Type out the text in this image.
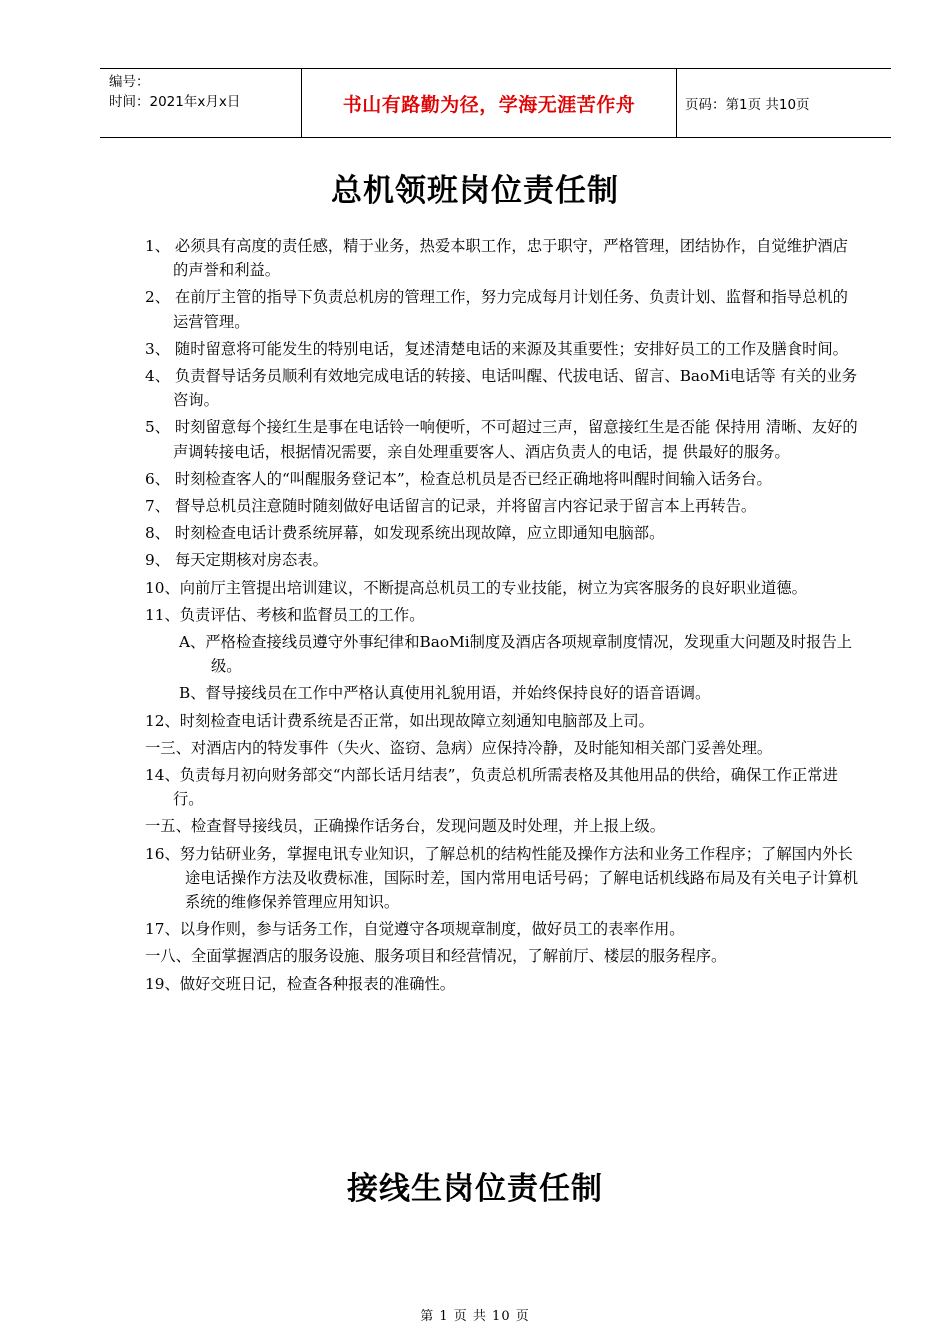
编号：
时间：2021年x月x日	书山有路勤为径，学海无涯苦作舟	页码：第1页 共10页
总机领班岗位责任制
1、 必须具有高度的责任感，精于业务，热爱本职工作，忠于职守，严格管理，团结协作，自觉维护酒店的声誉和利益。
2、 在前厅主管的指导下负责总机房的管理工作，努力完成每月计划任务、负责计划、监督和指导总机的运营管理。
3、 随时留意将可能发生的特别电话，复述清楚电话的来源及其重要性；安排好员工的工作及膳食时间。
4、 负责督导话务员顺利有效地完成电话的转接、电话叫醒、代拔电话、留言、BaoMi电话等 有关的业务咨询。
5、 时刻留意每个接红生是事在电话铃一响便听，不可超过三声，留意接红生是否能 保持用 清晰、友好的声调转接电话，根据情况需要，亲自处理重要客人、酒店负责人的电话，提 供最好的服务。
6、 时刻检查客人的“叫醒服务登记本”，检查总机员是否已经正确地将叫醒时间输入话务台。
7、 督导总机员注意随时随刻做好电话留言的记录，并将留言内容记录于留言本上再转告。
8、 时刻检查电话计费系统屏幕，如发现系统出现故障，应立即通知电脑部。
9、 每天定期核对房态表。
10、向前厅主管提出培训建议，不断提高总机员工的专业技能，树立为宾客服务的良好职业道德。
11、负责评估、考核和监督员工的工作。
A、严格检查接线员遵守外事纪律和BaoMi制度及酒店各项规章制度情况，发现重大问题及时报告上级。
B、督导接线员在工作中严格认真使用礼貌用语，并始终保持良好的语音语调。
12、时刻检查电话计费系统是否正常，如出现故障立刻通知电脑部及上司。
一三、对酒店内的特发事件（失火、盗窃、急病）应保持冷静，及时能知相关部门妥善处理。
14、负责每月初向财务部交“内部长话月结表”，负责总机所需表格及其他用品的供给，确保工作正常进行。
一五、检查督导接线员，正确操作话务台，发现问题及时处理，并上报上级。
16、努力钻研业务，掌握电讯专业知识，了解总机的结构性能及操作方法和业务工作程序；了解国内外长途电话操作方法及收费标准，国际时差，国内常用电话号码；了解电话机线路布局及有关电子计算机系统的维修保养管理应用知识。
17、以身作则，参与话务工作，自觉遵守各项规章制度，做好员工的表率作用。
一八、全面掌握酒店的服务设施、服务项目和经营情况，了解前厅、楼层的服务程序。
19、做好交班日记，检查各种报表的准确性。
接线生岗位责任制
第 1 页 共 10 页
